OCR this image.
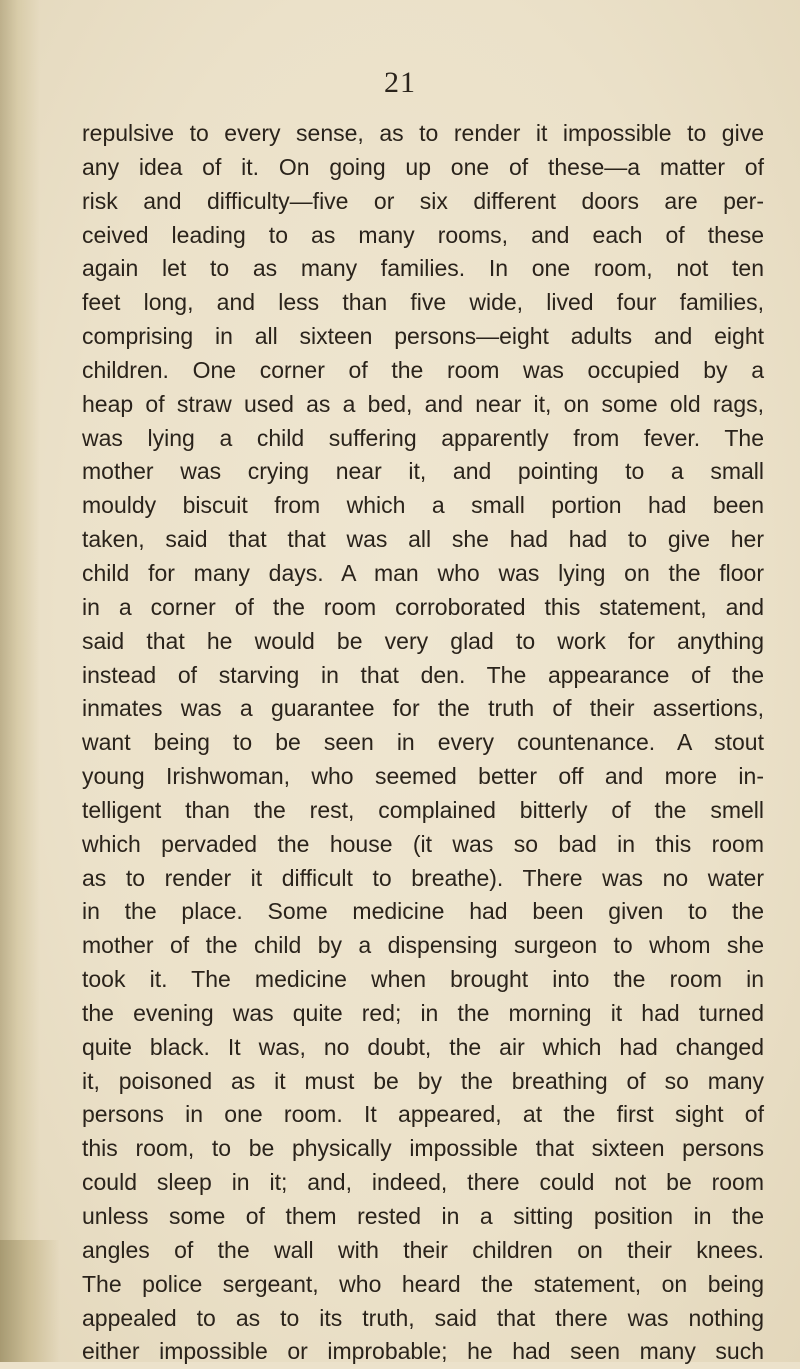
21
repulsive to every sense, as to render it impossible to give
any idea of it. On going up one of these—a matter of
risk and difficulty—five or six different doors are per-
ceived leading to as many rooms, and each of these
again let to as many families. In one room, not ten
feet long, and less than five wide, lived four families,
comprising in all sixteen persons—eight adults and eight
children. One corner of the room was occupied by a
heap of straw used as a bed, and near it, on some old rags,
was lying a child suffering apparently from fever. The
mother was crying near it, and pointing to a small
mouldy biscuit from which a small portion had been
taken, said that that was all she had had to give her
child for many days. A man who was lying on the floor
in a corner of the room corroborated this statement, and
said that he would be very glad to work for anything
instead of starving in that den. The appearance of the
inmates was a guarantee for the truth of their assertions,
want being to be seen in every countenance. A stout
young Irishwoman, who seemed better off and more in-
telligent than the rest, complained bitterly of the smell
which pervaded the house (it was so bad in this room
as to render it difficult to breathe). There was no water
in the place. Some medicine had been given to the
mother of the child by a dispensing surgeon to whom she
took it. The medicine when brought into the room in
the evening was quite red; in the morning it had turned
quite black. It was, no doubt, the air which had changed
it, poisoned as it must be by the breathing of so many
persons in one room. It appeared, at the first sight of
this room, to be physically impossible that sixteen persons
could sleep in it; and, indeed, there could not be room
unless some of them rested in a sitting position in the
angles of the wall with their children on their knees.
The police sergeant, who heard the statement, on being
appealed to as to its truth, said that there was nothing
either impossible or improbable; he had seen many such
